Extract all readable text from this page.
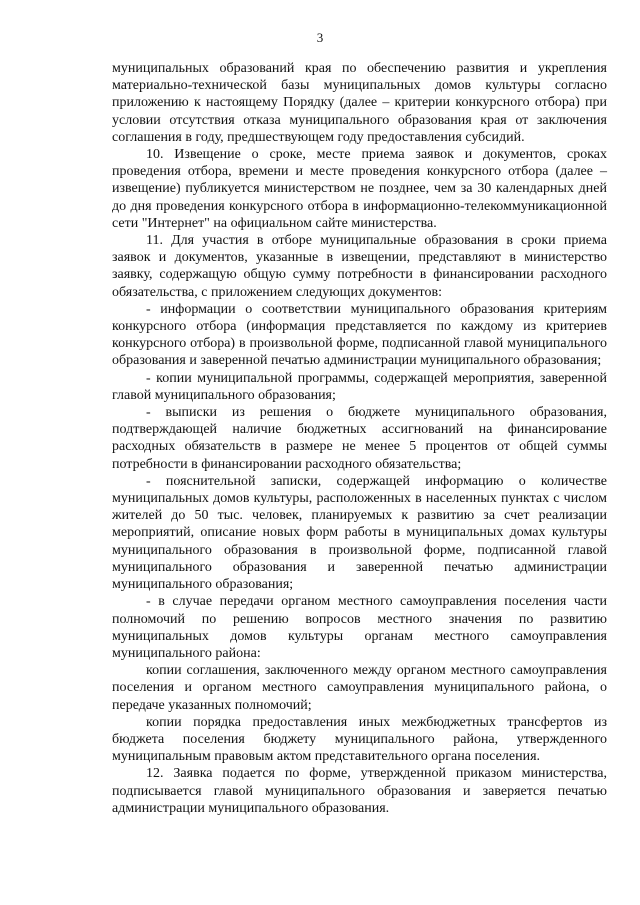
3

муниципальных образований края по обеспечению развития и укрепления материально-технической базы муниципальных домов культуры согласно приложению к настоящему Порядку (далее – критерии конкурсного отбора) при условии отсутствия отказа муниципального образования края от заключения соглашения в году, предшествующем году предоставления субсидий.

10. Извещение о сроке, месте приема заявок и документов, сроках проведения отбора, времени и месте проведения конкурсного отбора (далее – извещение) публикуется министерством не позднее, чем за 30 календарных дней до дня проведения конкурсного отбора в информационно-телекоммуникационной сети "Интернет" на официальном сайте министерства.

11. Для участия в отборе муниципальные образования в сроки приема заявок и документов, указанные в извещении, представляют в министерство заявку, содержащую общую сумму потребности в финансировании расходного обязательства, с приложением следующих документов:

- информации о соответствии муниципального образования критериям конкурсного отбора (информация представляется по каждому из критериев конкурсного отбора) в произвольной форме, подписанной главой муниципального образования и заверенной печатью администрации муниципального образования;

- копии муниципальной программы, содержащей мероприятия, заверенной главой муниципального образования;

- выписки из решения о бюджете муниципального образования, подтверждающей наличие бюджетных ассигнований на финансирование расходных обязательств в размере не менее 5 процентов от общей суммы потребности в финансировании расходного обязательства;

- пояснительной записки, содержащей информацию о количестве муниципальных домов культуры, расположенных в населенных пунктах с числом жителей до 50 тыс. человек, планируемых к развитию за счет реализации мероприятий, описание новых форм работы в муниципальных домах культуры муниципального образования в произвольной форме, подписанной главой муниципального образования и заверенной печатью администрации муниципального образования;

- в случае передачи органом местного самоуправления поселения части полномочий по решению вопросов местного значения по развитию муниципальных домов культуры органам местного самоуправления муниципального района:

копии соглашения, заключенного между органом местного самоуправления поселения и органом местного самоуправления муниципального района, о передаче указанных полномочий;

копии порядка предоставления иных межбюджетных трансфертов из бюджета поселения бюджету муниципального района, утвержденного муниципальным правовым актом представительного органа поселения.

12. Заявка подается по форме, утвержденной приказом министерства, подписывается главой муниципального образования и заверяется печатью администрации муниципального образования.
